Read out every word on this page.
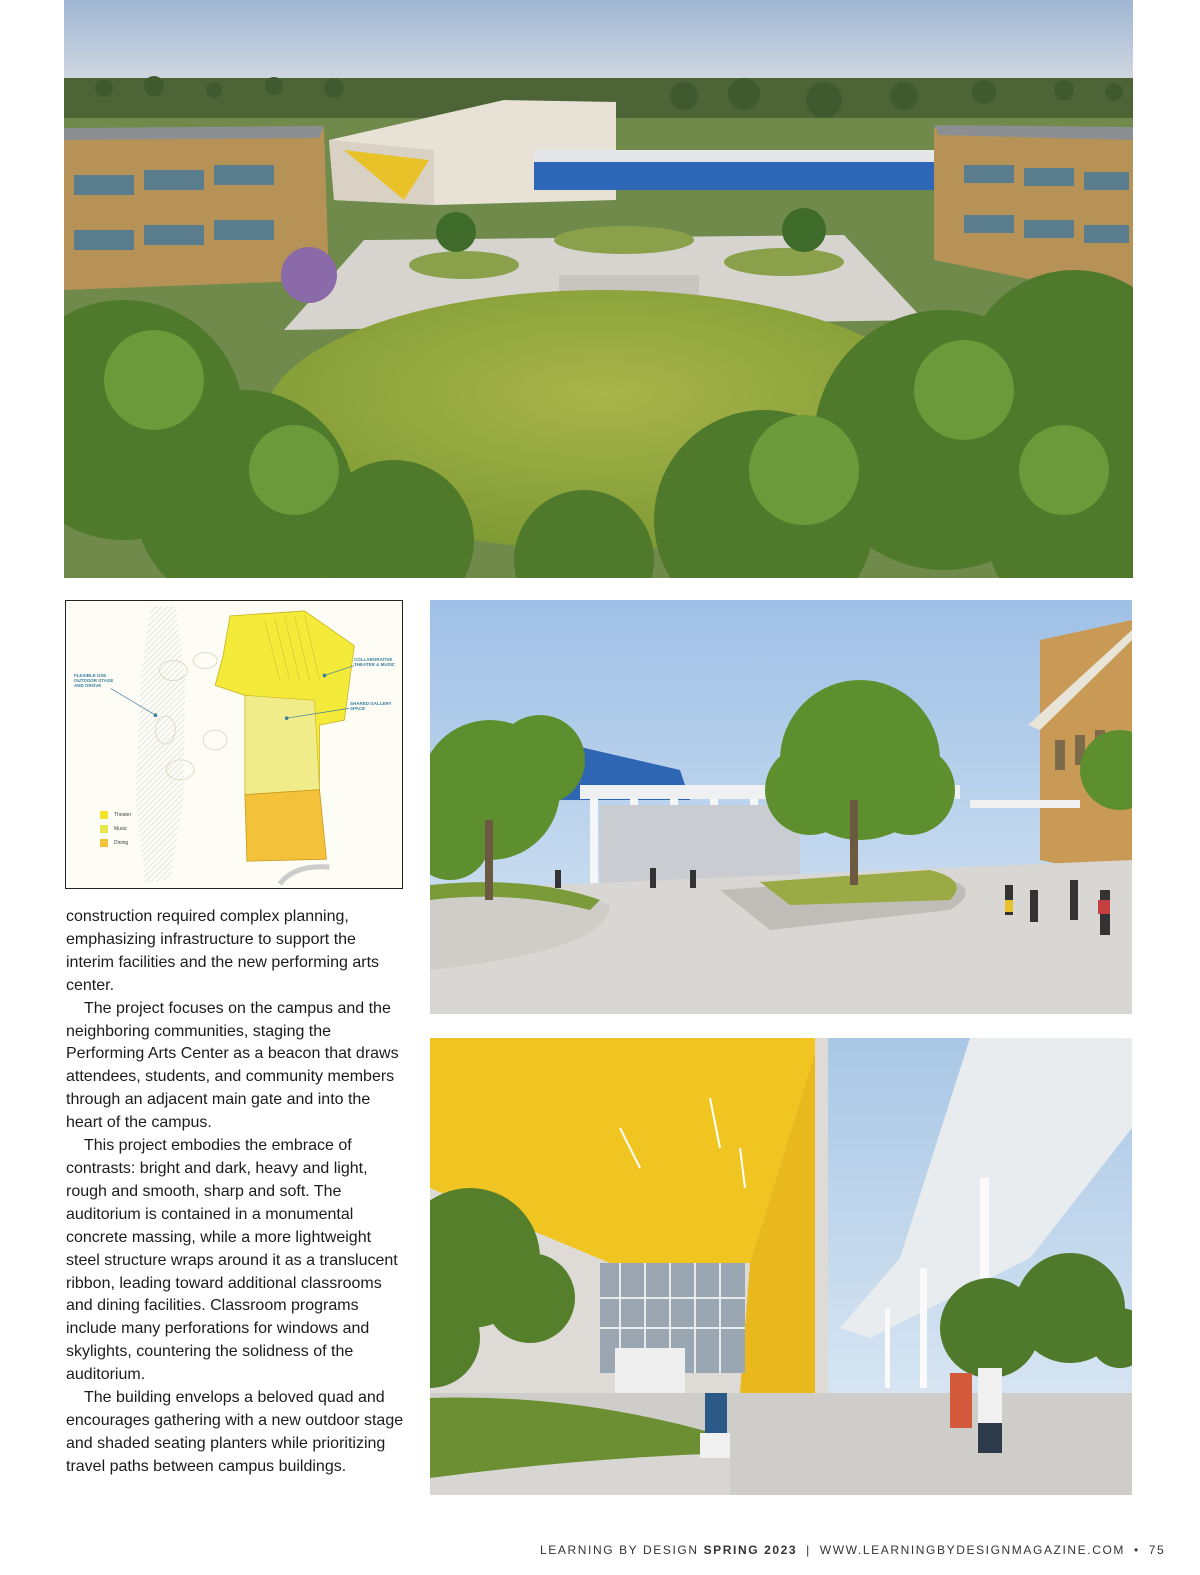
FLEXIBLE USE OUTDOOR STAGE AND GROVE
COLLABORATIVE THEATER & MUSIC
SHARED GALLERY SPACE
Theater
Music
Dining

construction required complex planning, emphasizing infrastructure to support the interim facilities and the new performing arts center.

The project focuses on the campus and the neighboring communities, staging the Performing Arts Center as a beacon that draws attendees, students, and community members through an adjacent main gate and into the heart of the campus.

This project embodies the embrace of contrasts: bright and dark, heavy and light, rough and smooth, sharp and soft. The auditorium is contained in a monumental concrete massing, while a more lightweight steel structure wraps around it as a translucent ribbon, leading toward additional classrooms and dining facilities. Classroom programs include many perforations for windows and skylights, countering the solidness of the auditorium.

The building envelops a beloved quad and encourages gathering with a new outdoor stage and shaded seating planters while prioritizing travel paths between campus buildings.

LEARNING BY DESIGN SPRING 2023 | WWW.LEARNINGBYDESIGNMAGAZINE.COM • 75
